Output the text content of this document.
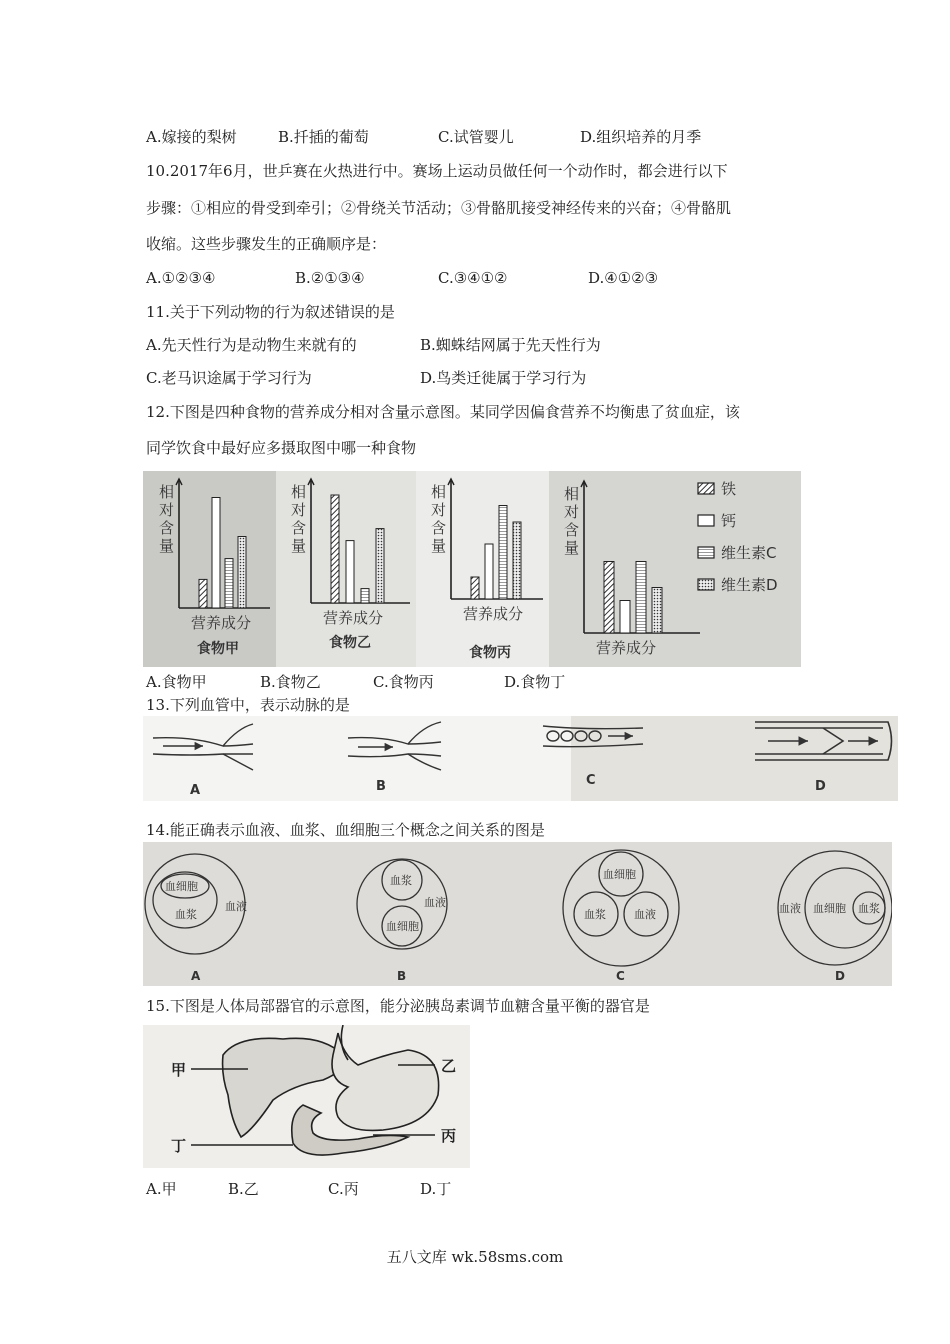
A.嫁接的梨树	B.扦插的葡萄	C.试管婴儿	D.组织培养的月季
10.2017年6月，世乒赛在火热进行中。赛场上运动员做任何一个动作时，都会进行以下
步骤：①相应的骨受到牵引；②骨绕关节活动；③骨骼肌接受神经传来的兴奋；④骨骼肌
收缩。这些步骤发生的正确顺序是：
A.①②③④	B.②①③④	C.③④①②	D.④①②③
11.关于下列动物的行为叙述错误的是
A.先天性行为是动物生来就有的	B.蜘蛛结网属于先天性行为
C.老马识途属于学习行为	D.鸟类迁徙属于学习行为
12.下图是四种食物的营养成分相对含量示意图。某同学因偏食营养不均衡患了贫血症，该
同学饮食中最好应多摄取图中哪一种食物
相
对
含
量
营养成分
食物甲
相
对
含
量
营养成分
食物乙
相
对
含
量
营养成分
食物丙
相
对
含
量
营养成分
铁
钙
维生素C
维生素D
A.食物甲	B.食物乙	C.食物丙	D.食物丁
13.下列血管中，表示动脉的是
A	B	C	D
14.能正确表示血液、血浆、血细胞三个概念之间关系的图是
血细胞
血浆
血液
A
血浆
血细胞
血液
B
血细胞
血浆	血液
C
血液 血细胞 血浆
D
15.下图是人体局部器官的示意图，能分泌胰岛素调节血糖含量平衡的器官是
甲	乙
丙
丁
A.甲	B.乙	C.丙	D.丁
五八文库 wk.58sms.com
